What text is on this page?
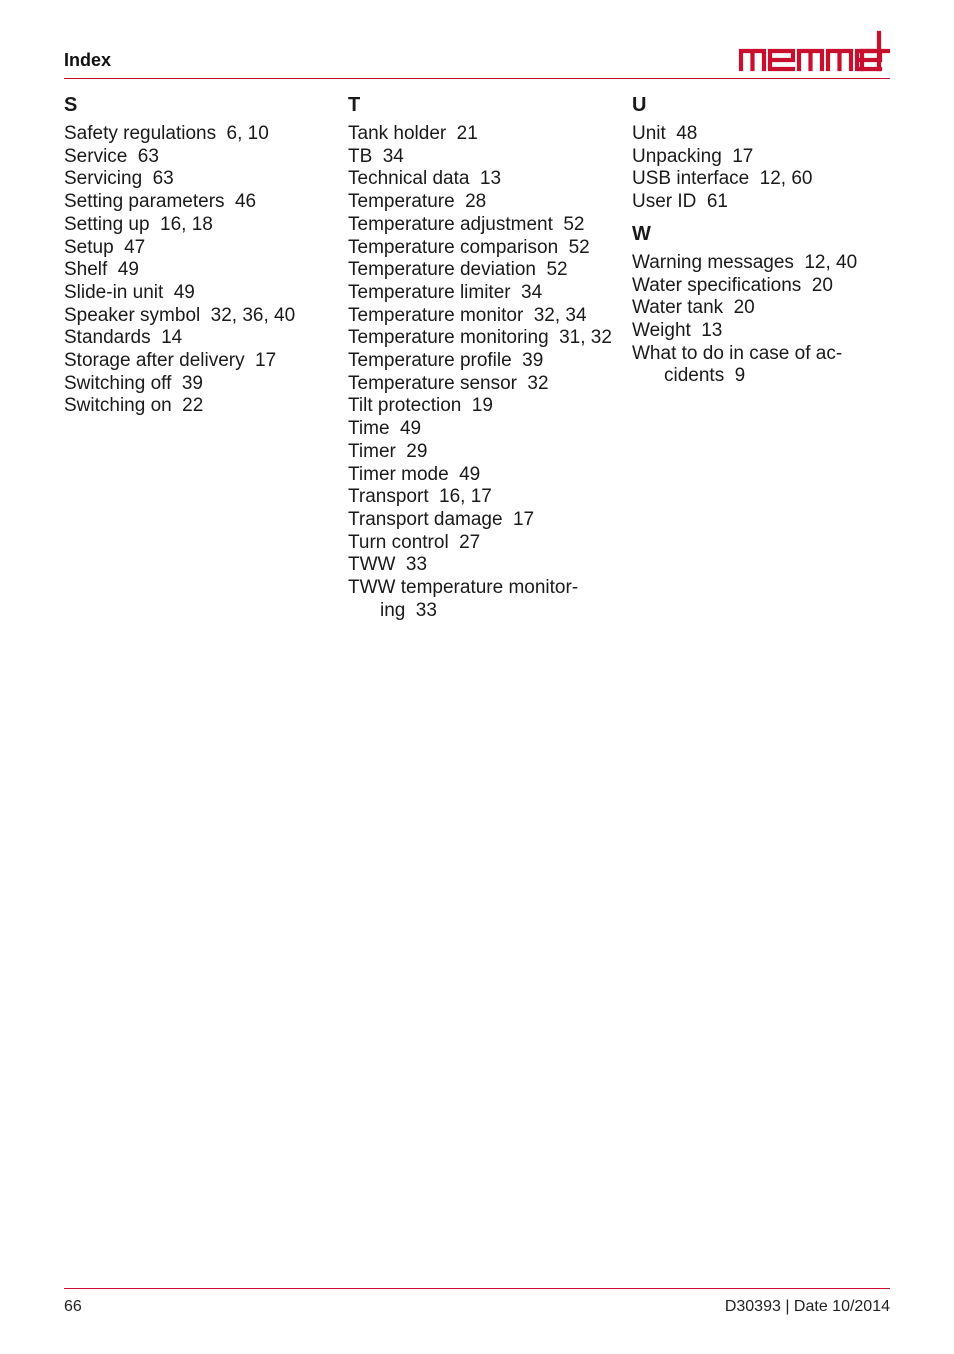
Index
S
Safety regulations 6, 10
Service 63
Servicing 63
Setting parameters 46
Setting up 16, 18
Setup 47
Shelf 49
Slide-in unit 49
Speaker symbol 32, 36, 40
Standards 14
Storage after delivery 17
Switching off 39
Switching on 22
T
Tank holder 21
TB 34
Technical data 13
Temperature 28
Temperature adjustment 52
Temperature comparison 52
Temperature deviation 52
Temperature limiter 34
Temperature monitor 32, 34
Temperature monitoring 31, 32
Temperature profile 39
Temperature sensor 32
Tilt protection 19
Time 49
Timer 29
Timer mode 49
Transport 16, 17
Transport damage 17
Turn control 27
TWW 33
TWW temperature monitor-ing 33
U
Unit 48
Unpacking 17
USB interface 12, 60
User ID 61
W
Warning messages 12, 40
Water specifications 20
Water tank 20
Weight 13
What to do in case of ac-cidents 9
66	D30393 | Date 10/2014
